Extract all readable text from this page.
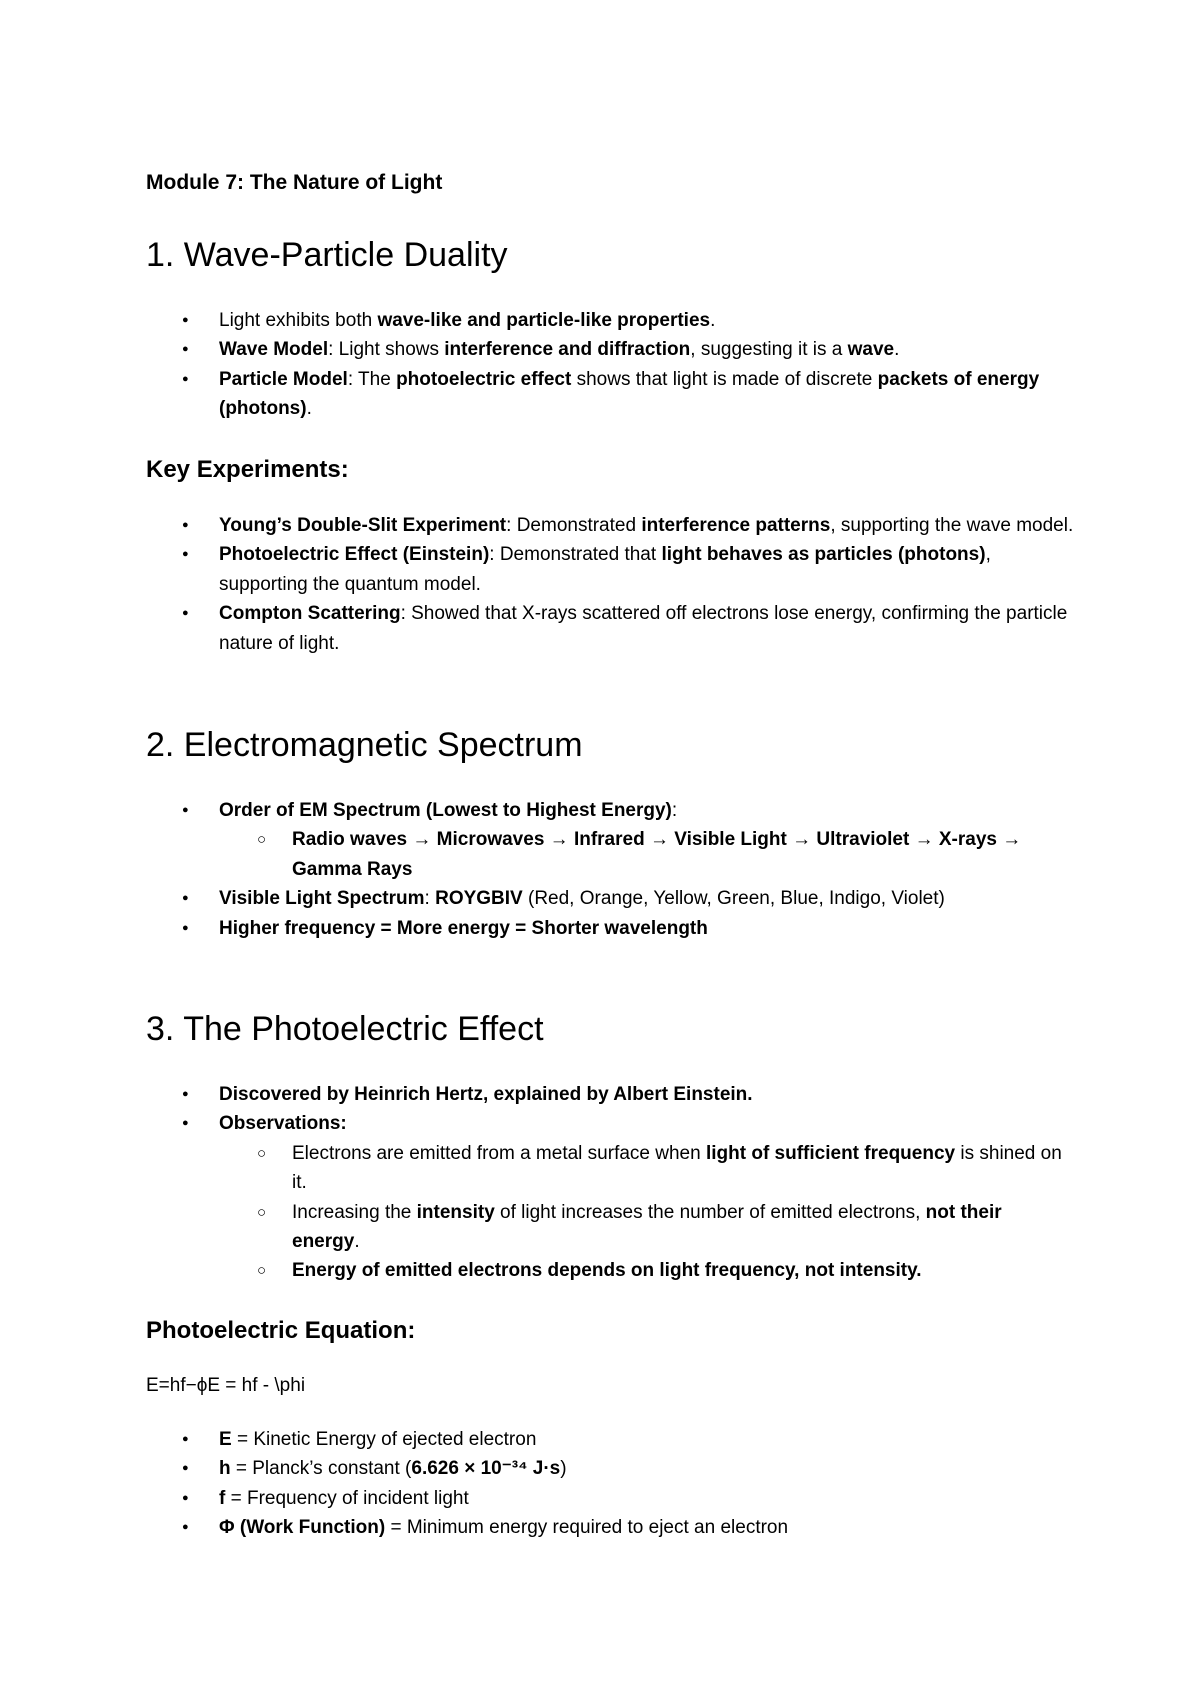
Module 7: The Nature of Light
1. Wave-Particle Duality
● Light exhibits both wave-like and particle-like properties.
● Wave Model: Light shows interference and diffraction, suggesting it is a wave.
● Particle Model: The photoelectric effect shows that light is made of discrete packets of energy (photons).
Key Experiments:
● Young’s Double-Slit Experiment: Demonstrated interference patterns, supporting the wave model.
● Photoelectric Effect (Einstein): Demonstrated that light behaves as particles (photons), supporting the quantum model.
● Compton Scattering: Showed that X-rays scattered off electrons lose energy, confirming the particle nature of light.
2. Electromagnetic Spectrum
● Order of EM Spectrum (Lowest to Highest Energy):
○ Radio waves → Microwaves → Infrared → Visible Light → Ultraviolet → X-rays → Gamma Rays
● Visible Light Spectrum: ROYGBIV (Red, Orange, Yellow, Green, Blue, Indigo, Violet)
● Higher frequency = More energy = Shorter wavelength
3. The Photoelectric Effect
● Discovered by Heinrich Hertz, explained by Albert Einstein.
● Observations:
○ Electrons are emitted from a metal surface when light of sufficient frequency is shined on it.
○ Increasing the intensity of light increases the number of emitted electrons, not their energy.
○ Energy of emitted electrons depends on light frequency, not intensity.
Photoelectric Equation:
E=hf−ϕE = hf - \phi
● E = Kinetic Energy of ejected electron
● h = Planck’s constant (6.626 × 10⁻³⁴ J·s)
● f = Frequency of incident light
● Φ (Work Function) = Minimum energy required to eject an electron
